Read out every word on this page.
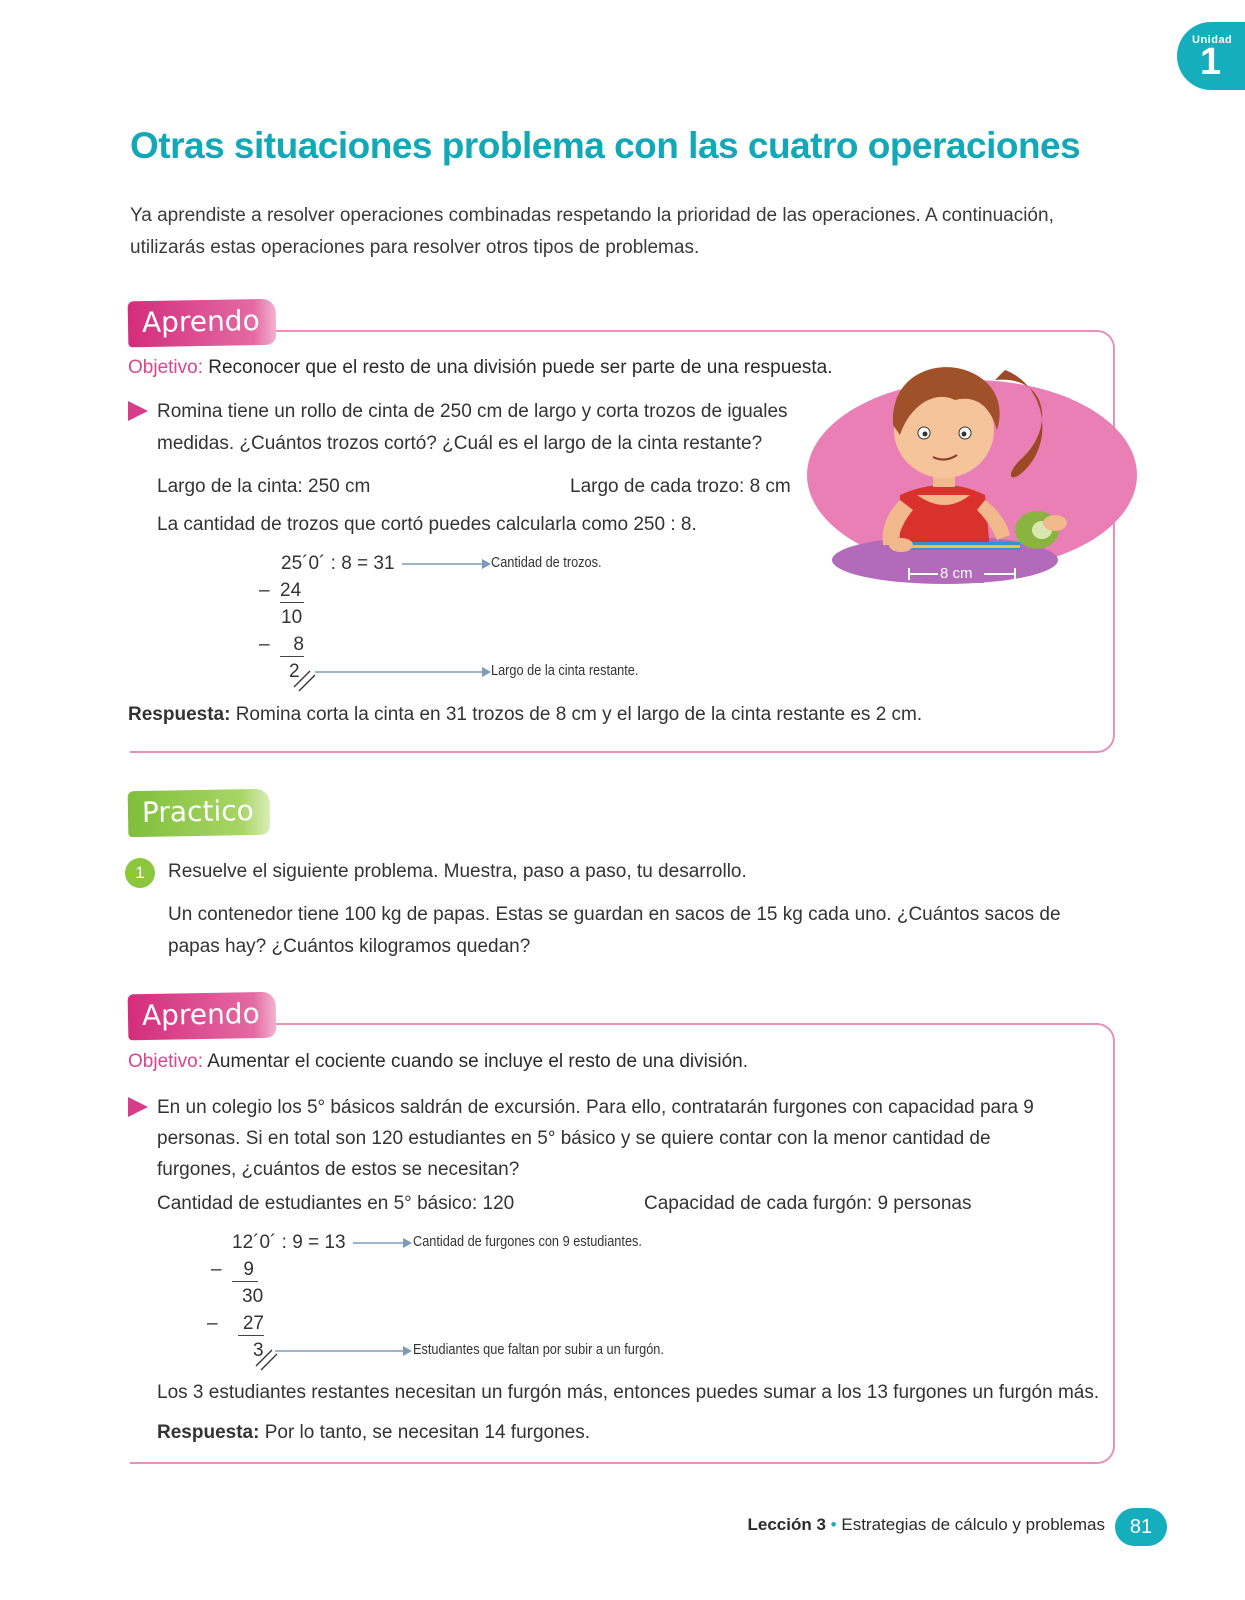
Unidad
1
Otras situaciones problema con las cuatro operaciones

Ya aprendiste a resolver operaciones combinadas respetando la prioridad de las operaciones. A continuación, utilizarás estas operaciones para resolver otros tipos de problemas.

Aprendo
Objetivo: Reconocer que el resto de una división puede ser parte de una respuesta.

Romina tiene un rollo de cinta de 250 cm de largo y corta trozos de iguales medidas. ¿Cuántos trozos cortó? ¿Cuál es el largo de la cinta restante?

Largo de la cinta: 250 cm	Largo de cada trozo: 8 cm
La cantidad de trozos que cortó puedes calcularla como 250 : 8.
25´0´ : 8 = 31
– 24
10
–	8
2
Cantidad de trozos.
Largo de la cinta restante.
8 cm
Respuesta: Romina corta la cinta en 31 trozos de 8 cm y el largo de la cinta restante es 2 cm.
Practico
1	Resuelve el siguiente problema. Muestra, paso a paso, tu desarrollo.

Un contenedor tiene 100 kg de papas. Estas se guardan en sacos de 15 kg cada uno. ¿Cuántos sacos de papas hay? ¿Cuántos kilogramos quedan?

Aprendo
Objetivo: Aumentar el cociente cuando se incluye el resto de una división.

En un colegio los 5° básicos saldrán de excursión. Para ello, contratarán furgones con capacidad para 9 personas. Si en total son 120 estudiantes en 5° básico y se quiere contar con la menor cantidad de furgones, ¿cuántos de estos se necesitan?

Cantidad de estudiantes en 5° básico: 120	Capacidad de cada furgón: 9 personas
12´0´ : 9 = 13
–	9
30
– 27
3
Cantidad de furgones con 9 estudiantes.
Estudiantes que faltan por subir a un furgón.
Los 3 estudiantes restantes necesitan un furgón más, entonces puedes sumar a los 13 furgones un furgón más.
Respuesta: Por lo tanto, se necesitan 14 furgones.
Lección 3 • Estrategias de cálculo y problemas	81
